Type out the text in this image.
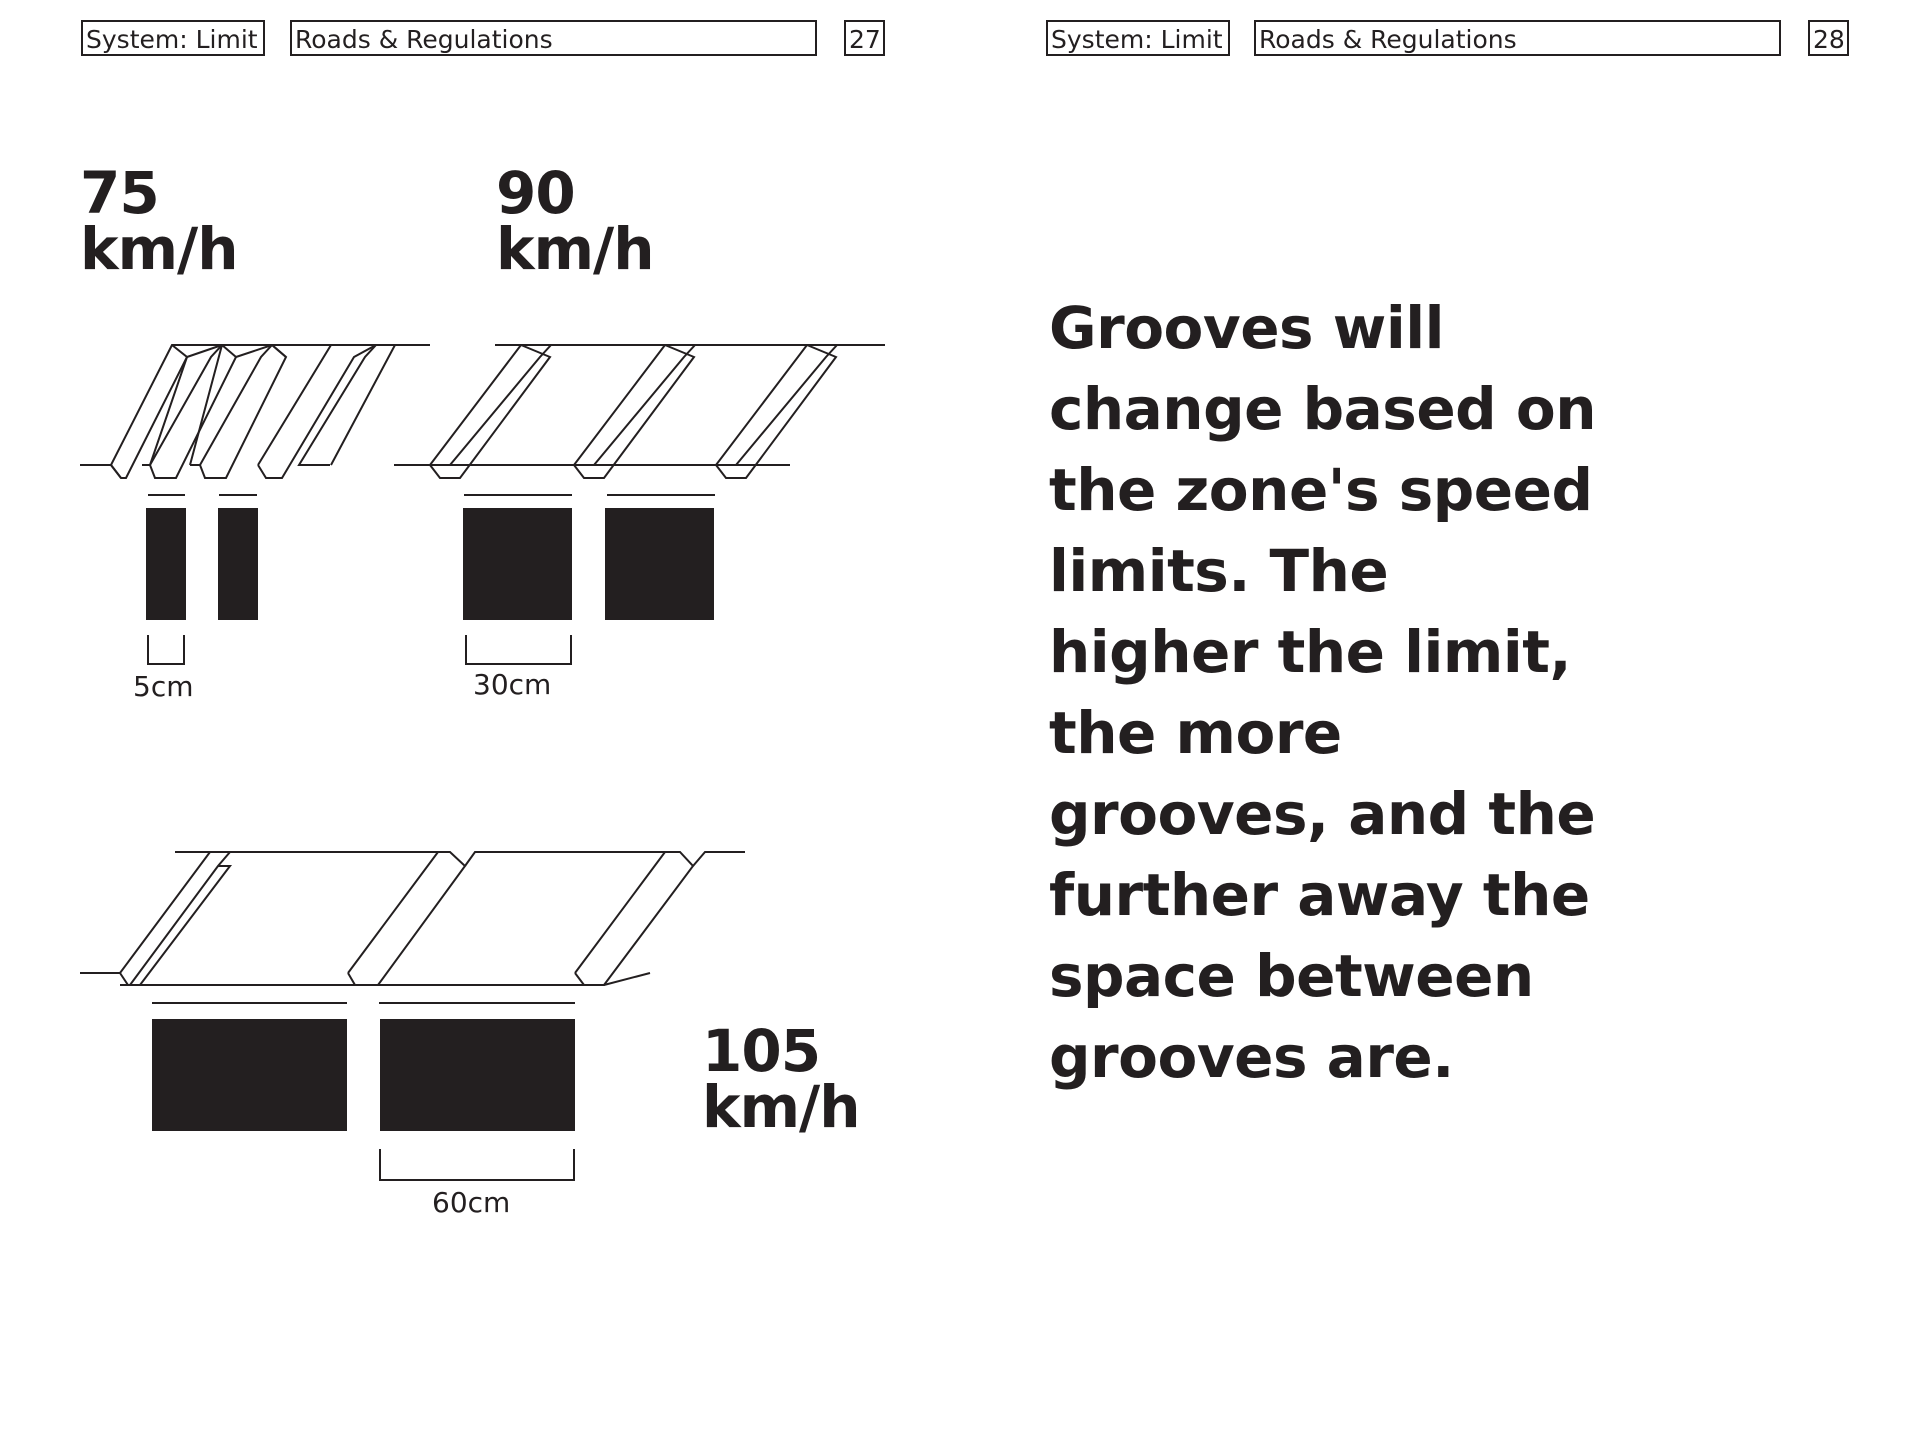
System: Limit Roads & Regulations	27	System: Limit Roads & Regulations	28
75
km/h
90
km/h
105
km/h
5cm	30cm
60cm
Grooves will change based on the zone's speed limits. The higher the limit, the more grooves, and the further away the space between grooves are.
